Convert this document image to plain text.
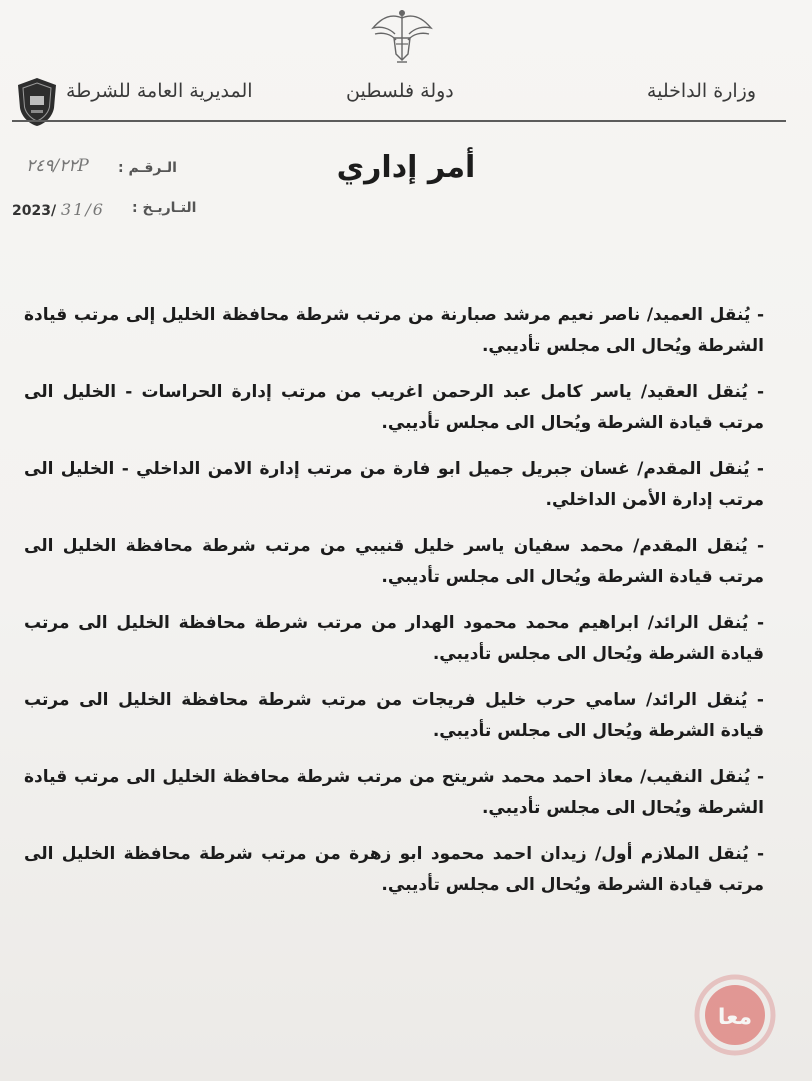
المديرية العامة للشرطة	دولة فلسطين	وزارة الداخلية
أمر إداري
الـرقـم :
٢٤٩/٢٢P
التـاريـخ :
2023/ 31/6

- يُنقل العميد/ ناصر نعيم مرشد صبارنة من مرتب شرطة محافظة الخليل إلى مرتب قيادة الشرطة ويُحال الى مجلس تأديبي.

- يُنقل العقيد/ ياسر كامل عبد الرحمن اغريب من مرتب إدارة الحراسات - الخليل الى مرتب قيادة الشرطة ويُحال الى مجلس تأديبي.

- يُنقل المقدم/ غسان جبريل جميل ابو فارة من مرتب إدارة الامن الداخلي - الخليل الى مرتب إدارة الأمن الداخلي.

- يُنقل المقدم/ محمد سفيان ياسر خليل قنيبي من مرتب شرطة محافظة الخليل الى مرتب قيادة الشرطة ويُحال الى مجلس تأديبي.

- يُنقل الرائد/ ابراهيم محمد محمود الهدار من مرتب شرطة محافظة الخليل الى مرتب قيادة الشرطة ويُحال الى مجلس تأديبي.

- يُنقل الرائد/ سامي حرب خليل فريجات من مرتب شرطة محافظة الخليل الى مرتب قيادة الشرطة ويُحال الى مجلس تأديبي.

- يُنقل النقيب/ معاذ احمد محمد شريتح من مرتب شرطة محافظة الخليل الى مرتب قيادة الشرطة ويُحال الى مجلس تأديبي.

- يُنقل الملازم أول/ زيدان احمد محمود ابو زهرة من مرتب شرطة محافظة الخليل الى مرتب قيادة الشرطة ويُحال الى مجلس تأديبي.

معا
